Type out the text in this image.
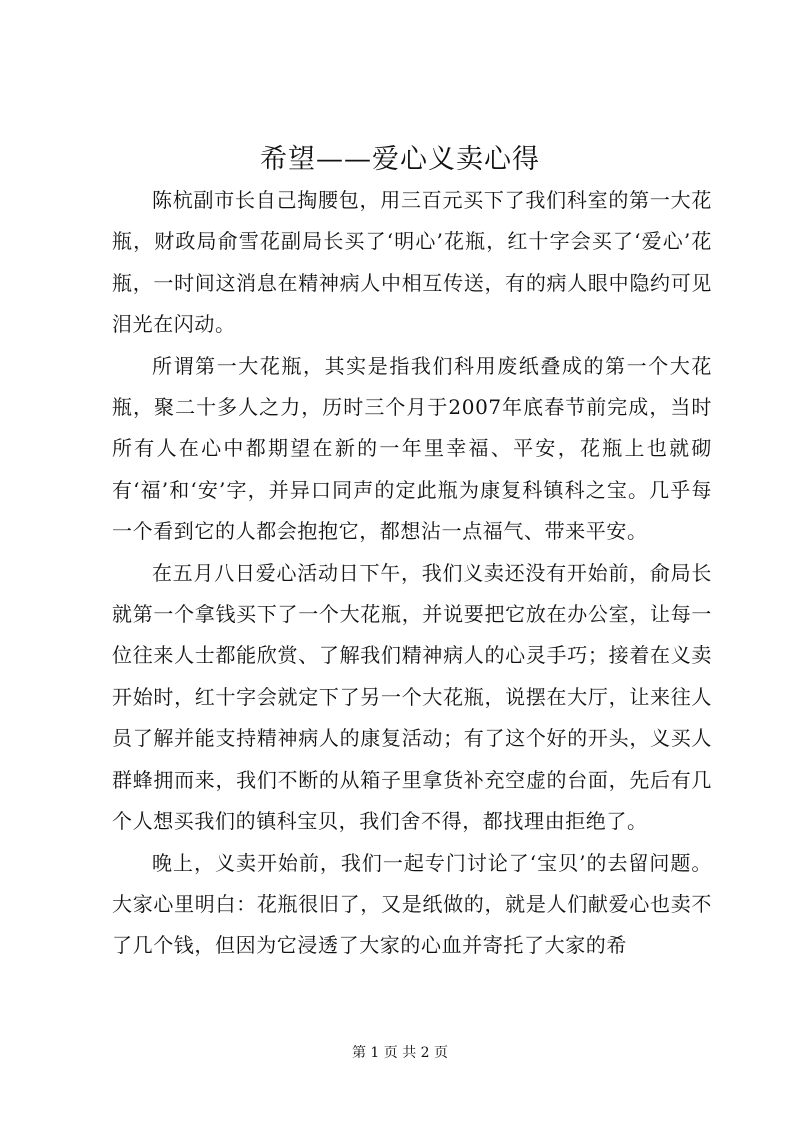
希望——爱心义卖心得

陈杭副市长自己掏腰包，用三百元买下了我们科室的第一大花瓶，财政局俞雪花副局长买了‘明心’花瓶，红十字会买了‘爱心’花瓶，一时间这消息在精神病人中相互传送，有的病人眼中隐约可见泪光在闪动。

所谓第一大花瓶，其实是指我们科用废纸叠成的第一个大花瓶，聚二十多人之力，历时三个月于2007年底春节前完成，当时所有人在心中都期望在新的一年里幸福、平安，花瓶上也就砌有‘福’和‘安’字，并异口同声的定此瓶为康复科镇科之宝。几乎每一个看到它的人都会抱抱它，都想沾一点福气、带来平安。

在五月八日爱心活动日下午，我们义卖还没有开始前，俞局长就第一个拿钱买下了一个大花瓶，并说要把它放在办公室，让每一位往来人士都能欣赏、了解我们精神病人的心灵手巧；接着在义卖开始时，红十字会就定下了另一个大花瓶，说摆在大厅，让来往人员了解并能支持精神病人的康复活动；有了这个好的开头，义买人群蜂拥而来，我们不断的从箱子里拿货补充空虚的台面，先后有几个人想买我们的镇科宝贝，我们舍不得，都找理由拒绝了。

晚上，义卖开始前，我们一起专门讨论了‘宝贝’的去留问题。大家心里明白：花瓶很旧了，又是纸做的，就是人们献爱心也卖不了几个钱，但因为它浸透了大家的心血并寄托了大家的希

第 1 页 共 2 页
